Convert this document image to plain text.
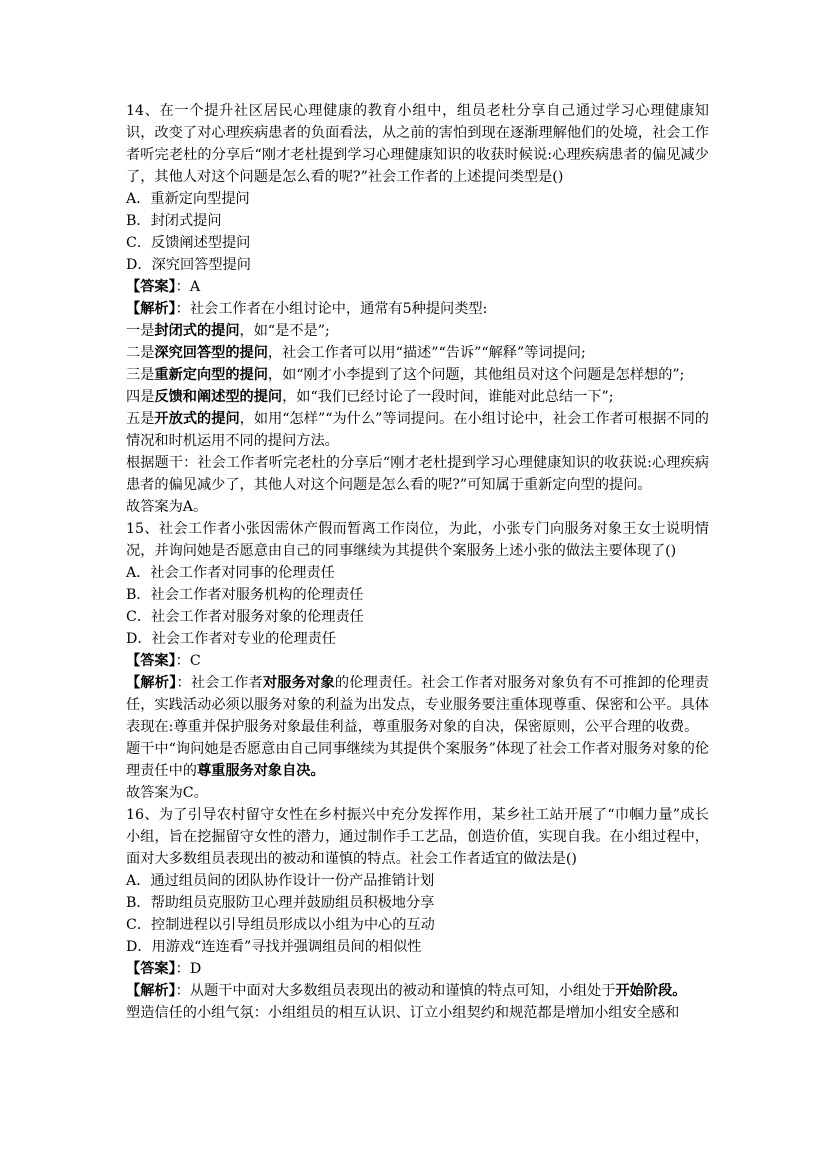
14、在一个提升社区居民心理健康的教育小组中，组员老杜分享自己通过学习心理健康知识，改变了对心理疾病患者的负面看法，从之前的害怕到现在逐渐理解他们的处境，社会工作者听完老杜的分享后“刚才老杜提到学习心理健康知识的收获时候说:心理疾病患者的偏见减少了，其他人对这个问题是怎么看的呢?”社会工作者的上述提问类型是()

A．重新定向型提问

B．封闭式提问

C．反馈阐述型提问

D．深究回答型提问

【答案】：A

【解析】：社会工作者在小组讨论中，通常有5种提问类型:

一是封闭式的提问，如“是不是”;

二是深究回答型的提问，社会工作者可以用“描述”“告诉”“解释”等词提问;

三是重新定向型的提问，如“刚才小李提到了这个问题，其他组员对这个问题是怎样想的”;

四是反馈和阐述型的提问，如“我们已经讨论了一段时间，谁能对此总结一下”;

五是开放式的提问，如用“怎样”“为什么”等词提问。在小组讨论中，社会工作者可根据不同的情况和时机运用不同的提问方法。

根据题干：社会工作者听完老杜的分享后“刚才老杜提到学习心理健康知识的收获说:心理疾病患者的偏见减少了，其他人对这个问题是怎么看的呢?”可知属于重新定向型的提问。

故答案为A。

15、社会工作者小张因需休产假而暂离工作岗位，为此，小张专门向服务对象王女士说明情况，并询问她是否愿意由自己的同事继续为其提供个案服务上述小张的做法主要体现了()

A．社会工作者对同事的伦理责任

B．社会工作者对服务机构的伦理责任

C．社会工作者对服务对象的伦理责任

D．社会工作者对专业的伦理责任

【答案】：C

【解析】：社会工作者对服务对象的伦理责任。社会工作者对服务对象负有不可推卸的伦理责任，实践活动必须以服务对象的利益为出发点，专业服务要注重体现尊重、保密和公平。具体表现在:尊重并保护服务对象最佳利益，尊重服务对象的自决，保密原则，公平合理的收费。

题干中“询问她是否愿意由自己同事继续为其提供个案服务”体现了社会工作者对服务对象的伦理责任中的尊重服务对象自决。

故答案为C。

16、为了引导农村留守女性在乡村振兴中充分发挥作用，某乡社工站开展了“巾帼力量”成长小组，旨在挖掘留守女性的潜力，通过制作手工艺品，创造价值，实现自我。在小组过程中，面对大多数组员表现出的被动和谨慎的特点。社会工作者适宜的做法是()

A．通过组员间的团队协作设计一份产品推销计划

B．帮助组员克服防卫心理并鼓励组员积极地分享

C．控制进程以引导组员形成以小组为中心的互动

D．用游戏“连连看”寻找并强调组员间的相似性

【答案】：D

【解析】：从题干中面对大多数组员表现出的被动和谨慎的特点可知，小组处于开始阶段。

塑造信任的小组气氛：小组组员的相互认识、订立小组契约和规范都是增加小组安全感和
